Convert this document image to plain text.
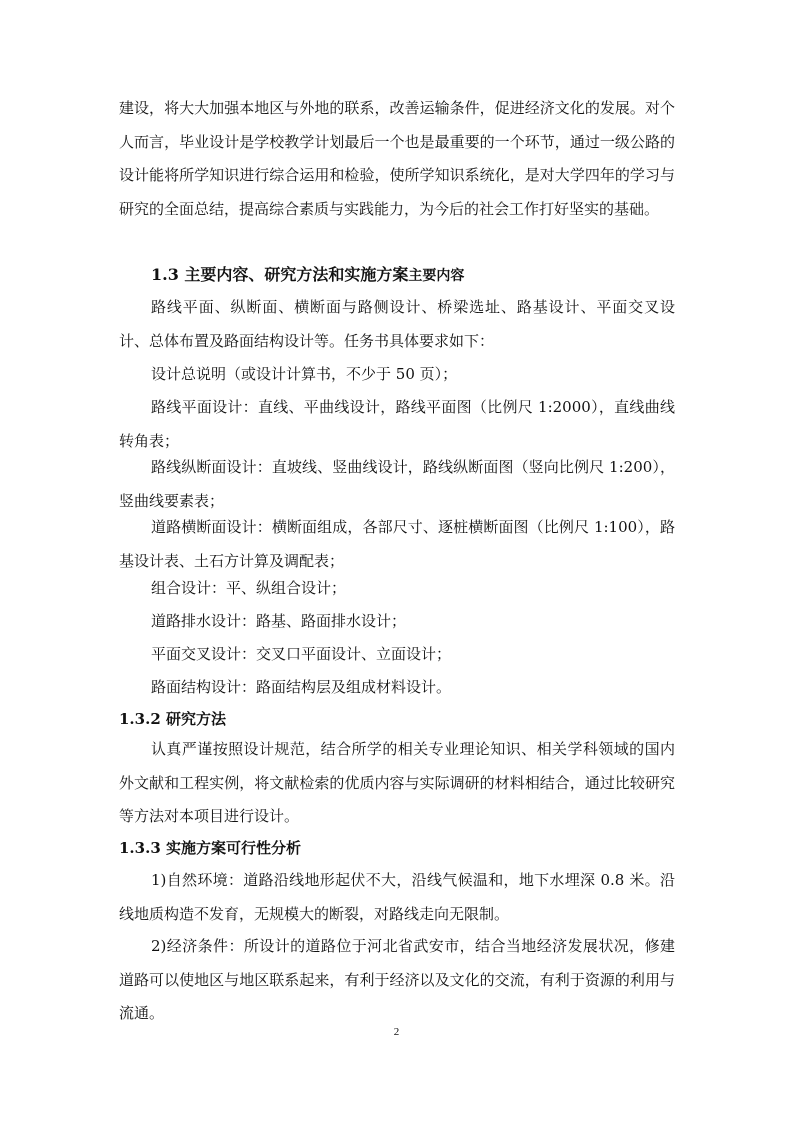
建设，将大大加强本地区与外地的联系，改善运输条件，促进经济文化的发展。对个人而言，毕业设计是学校教学计划最后一个也是最重要的一个环节，通过一级公路的设计能将所学知识进行综合运用和检验，使所学知识系统化，是对大学四年的学习与研究的全面总结，提高综合素质与实践能力，为今后的社会工作打好坚实的基础。

1.3 主要内容、研究方法和实施方案主要内容

路线平面、纵断面、横断面与路侧设计、桥梁选址、路基设计、平面交叉设计、总体布置及路面结构设计等。任务书具体要求如下：

设计总说明（或设计计算书，不少于 50 页）；

路线平面设计：直线、平曲线设计，路线平面图（比例尺 1:2000），直线曲线转角表；

路线纵断面设计：直坡线、竖曲线设计，路线纵断面图（竖向比例尺 1:200），竖曲线要素表；

道路横断面设计：横断面组成，各部尺寸、逐桩横断面图（比例尺 1:100），路基设计表、土石方计算及调配表；

组合设计：平、纵组合设计；

道路排水设计：路基、路面排水设计；

平面交叉设计：交叉口平面设计、立面设计；

路面结构设计：路面结构层及组成材料设计。

1.3.2 研究方法

认真严谨按照设计规范，结合所学的相关专业理论知识、相关学科领域的国内外文献和工程实例，将文献检索的优质内容与实际调研的材料相结合，通过比较研究等方法对本项目进行设计。

1.3.3 实施方案可行性分析

1)自然环境：道路沿线地形起伏不大，沿线气候温和，地下水埋深 0.8 米。沿线地质构造不发育，无规模大的断裂，对路线走向无限制。

2)经济条件：所设计的道路位于河北省武安市，结合当地经济发展状况，修建道路可以使地区与地区联系起来，有利于经济以及文化的交流，有利于资源的利用与流通。

2
